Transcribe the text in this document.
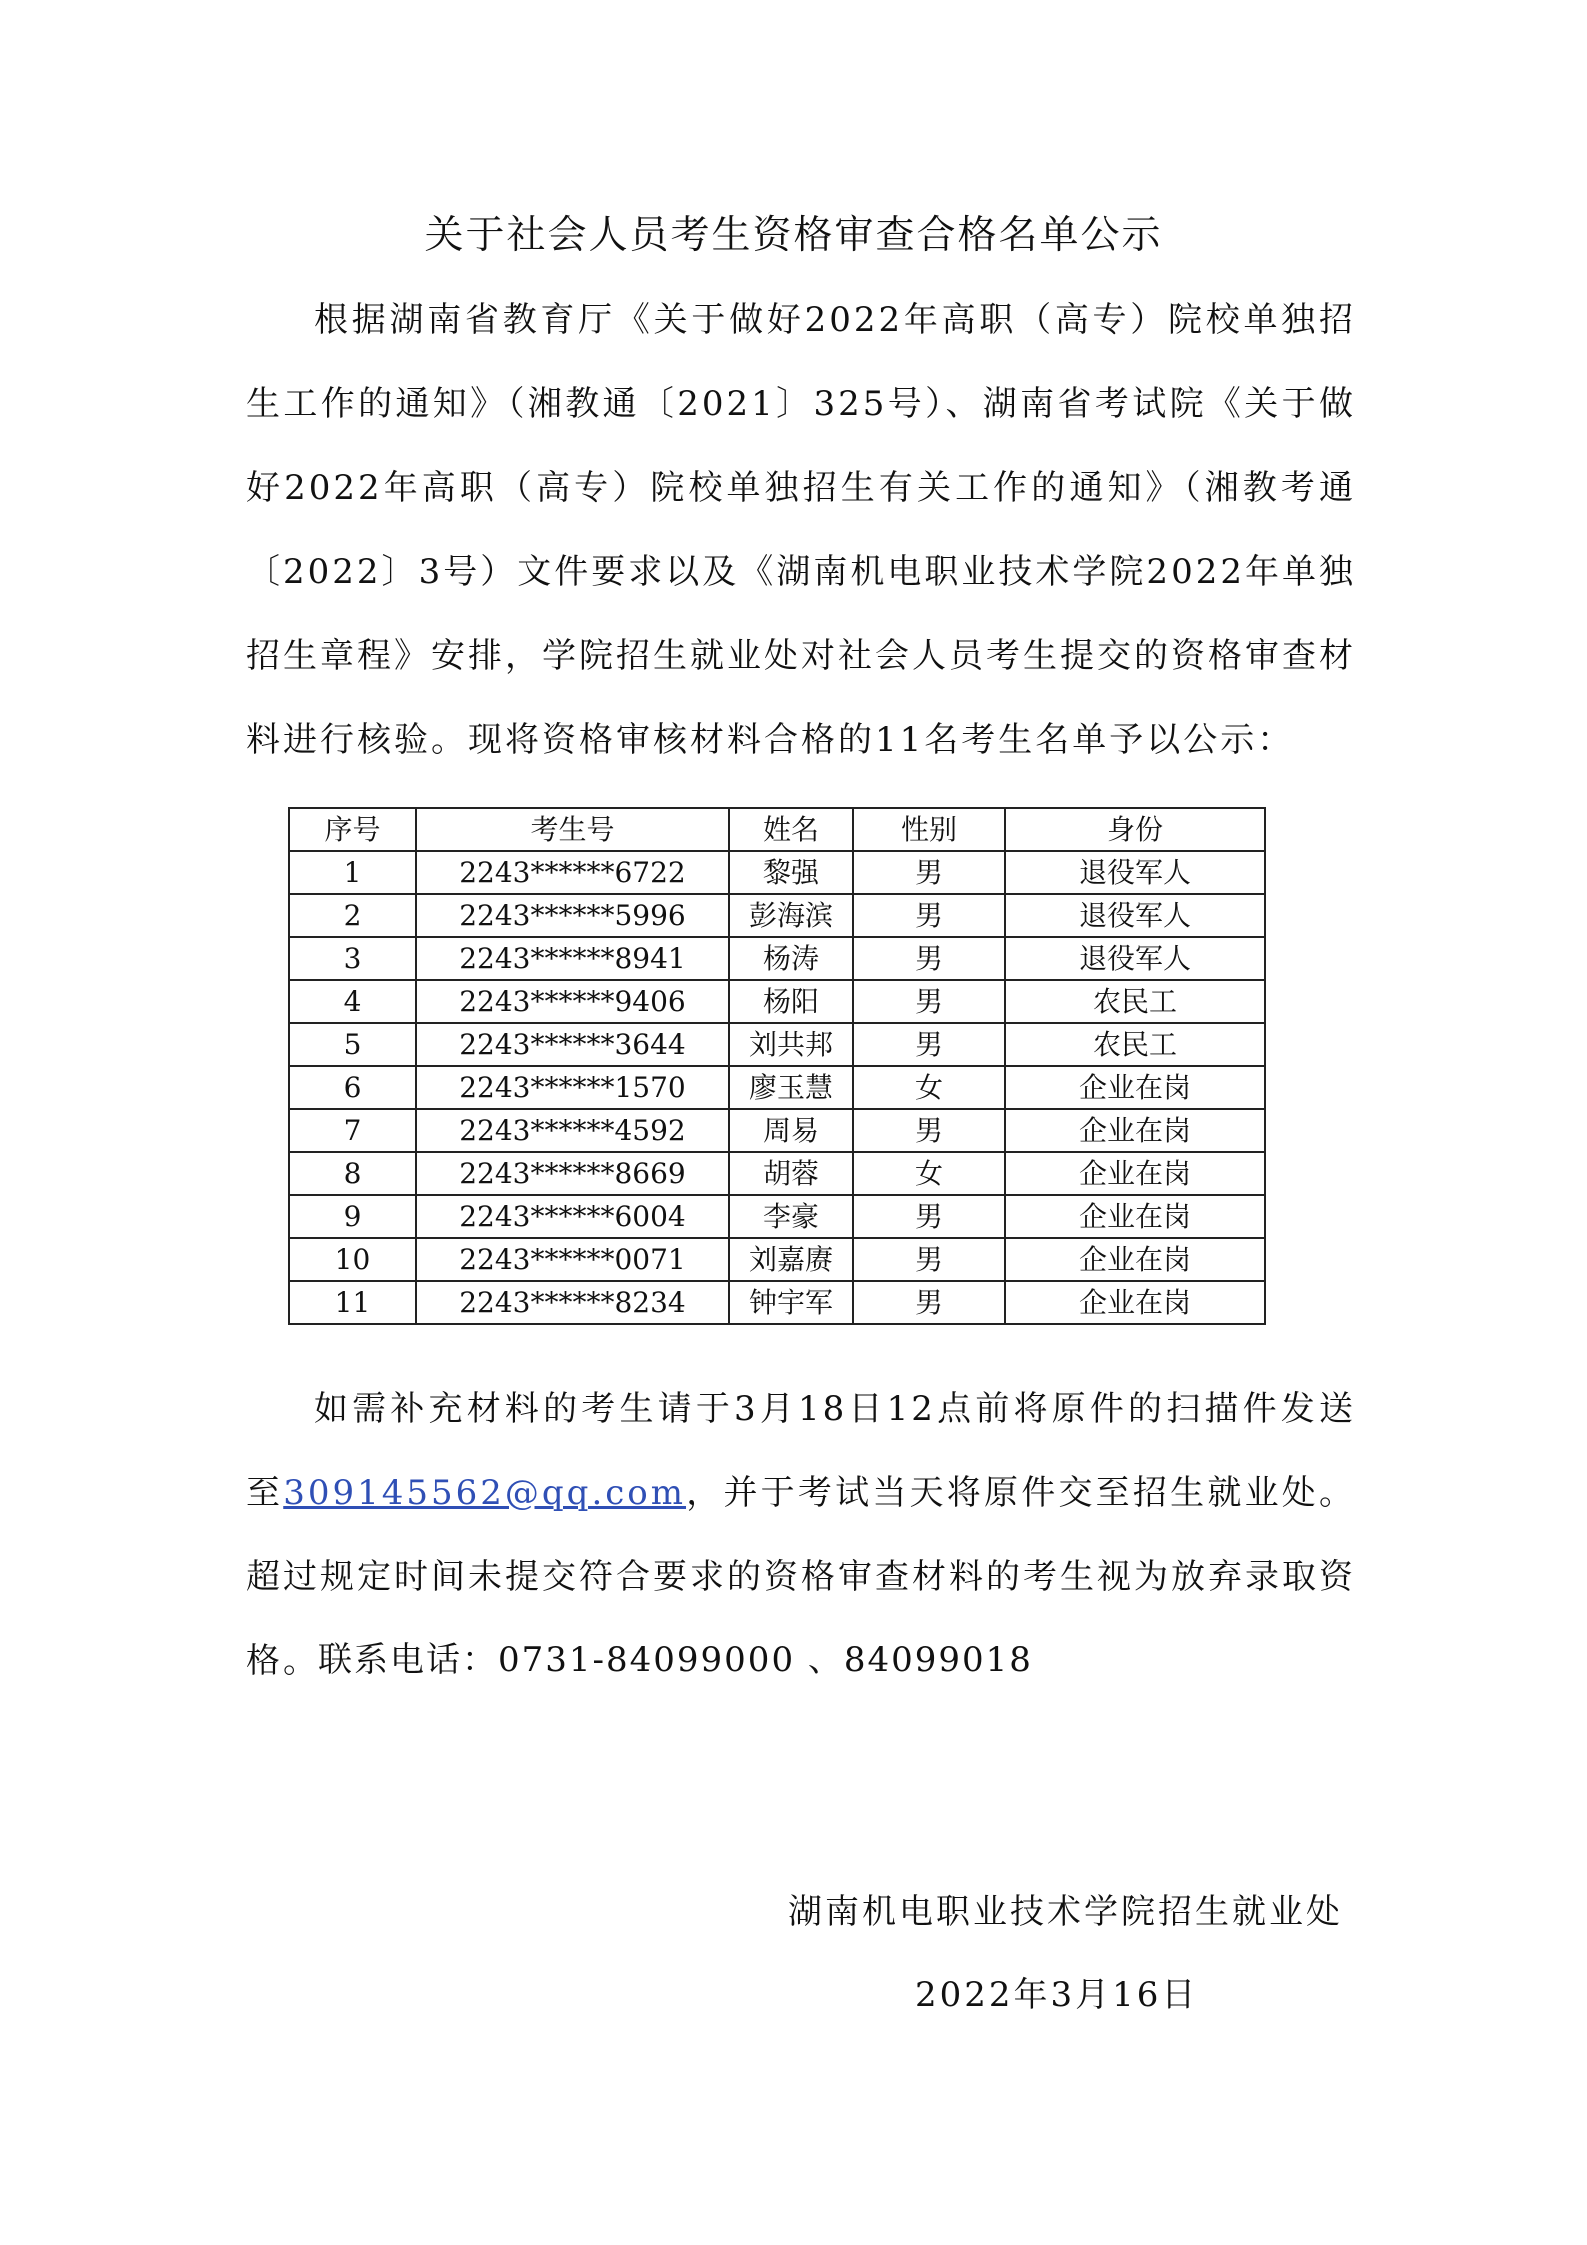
关于社会人员考生资格审查合格名单公示
根据湖南省教育厅《关于做好2022年高职（高专）院校单独招生工作的通知》（湘教通〔2021〕325号）、湖南省考试院《关于做好2022年高职（高专）院校单独招生有关工作的通知》（湘教考通〔2022〕3号）文件要求以及《湖南机电职业技术学院2022年单独招生章程》安排，学院招生就业处对社会人员考生提交的资格审查材料进行核验。现将资格审核材料合格的11名考生名单予以公示：
序号	考生号	姓名	性别	身份
1	2243******6722	黎强	男	退役军人
2	2243******5996	彭海滨	男	退役军人
3	2243******8941	杨涛	男	退役军人
4	2243******9406	杨阳	男	农民工
5	2243******3644	刘共邦	男	农民工
6	2243******1570	廖玉慧	女	企业在岗
7	2243******4592	周易	男	企业在岗
8	2243******8669	胡蓉	女	企业在岗
9	2243******6004	李豪	男	企业在岗
10	2243******0071	刘嘉赓	男	企业在岗
11	2243******8234	钟宇军	男	企业在岗
如需补充材料的考生请于3月18日12点前将原件的扫描件发送至309145562@qq.com，并于考试当天将原件交至招生就业处。超过规定时间未提交符合要求的资格审查材料的考生视为放弃录取资格。
联系电话：0731-84099000 、84099018
湖南机电职业技术学院招生就业处
2022年3月16日
